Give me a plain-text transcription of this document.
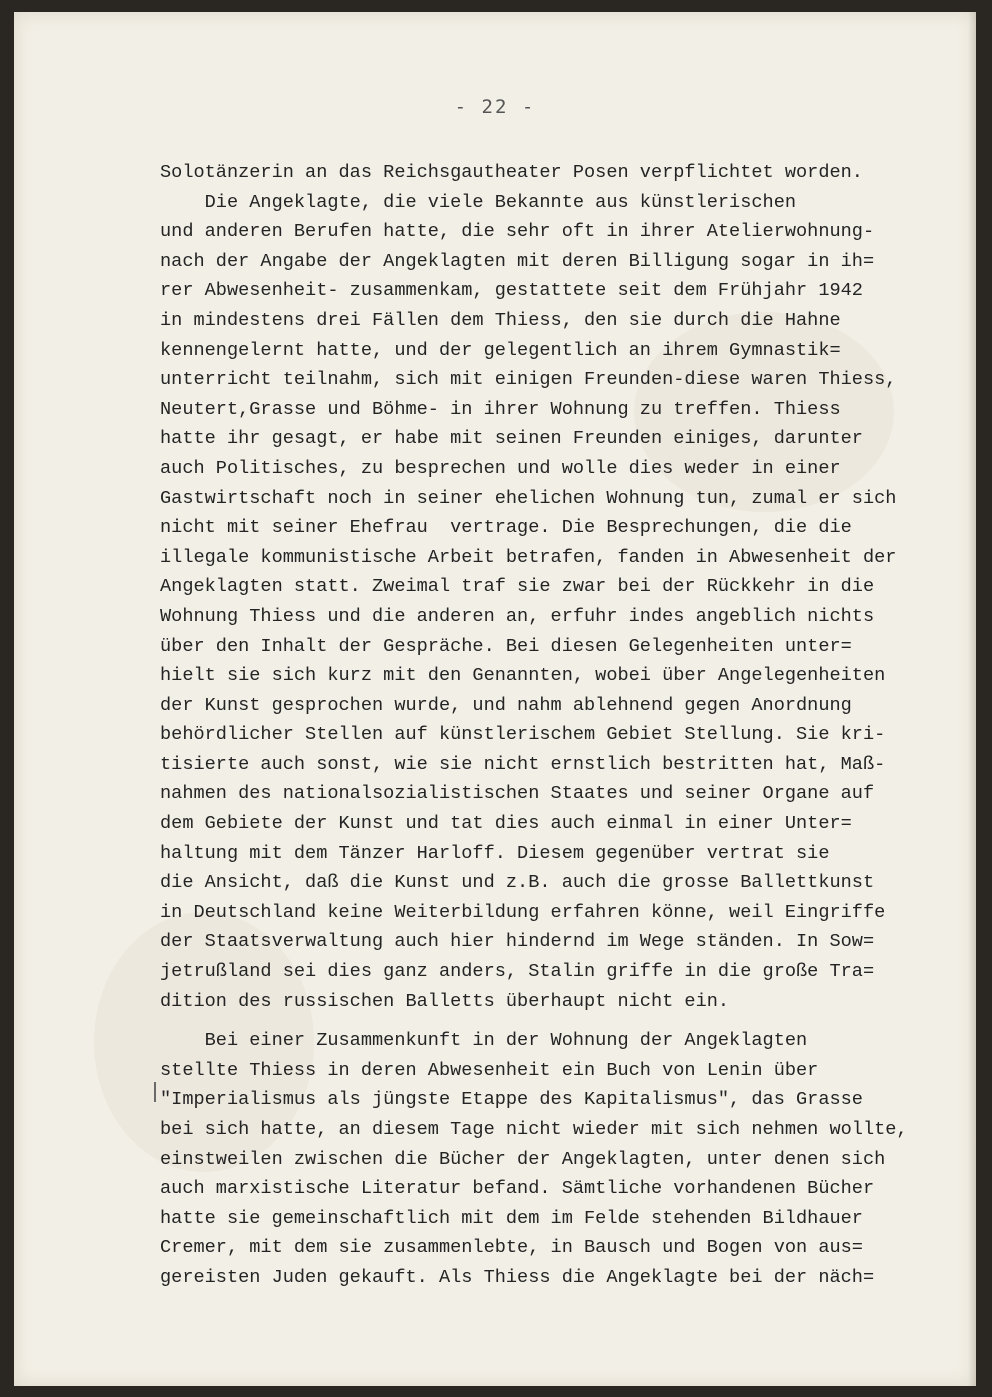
- 22 -
Solotänzerin an das Reichsgautheater Posen verpflichtet worden.
Die Angeklagte, die viele Bekannte aus künstlerischen
und anderen Berufen hatte, die sehr oft in ihrer Atelierwohnung-
nach der Angabe der Angeklagten mit deren Billigung sogar in ih=
rer Abwesenheit- zusammenkam, gestattete seit dem Frühjahr 1942
in mindestens drei Fällen dem Thiess, den sie durch die Hahne
kennengelernt hatte, und der gelegentlich an ihrem Gymnastik=
unterricht teilnahm, sich mit einigen Freunden-diese waren Thiess,
Neutert,Grasse und Böhme- in ihrer Wohnung zu treffen. Thiess
hatte ihr gesagt, er habe mit seinen Freunden einiges, darunter
auch Politisches, zu besprechen und wolle dies weder in einer
Gastwirtschaft noch in seiner ehelichen Wohnung tun, zumal er sich
nicht mit seiner Ehefrau  vertrage. Die Besprechungen, die die
illegale kommunistische Arbeit betrafen, fanden in Abwesenheit der
Angeklagten statt. Zweimal traf sie zwar bei der Rückkehr in die
Wohnung Thiess und die anderen an, erfuhr indes angeblich nichts
über den Inhalt der Gespräche. Bei diesen Gelegenheiten unter=
hielt sie sich kurz mit den Genannten, wobei über Angelegenheiten
der Kunst gesprochen wurde, und nahm ablehnend gegen Anordnung
behördlicher Stellen auf künstlerischem Gebiet Stellung. Sie kri-
tisierte auch sonst, wie sie nicht ernstlich bestritten hat, Maß-
nahmen des nationalsozialistischen Staates und seiner Organe auf
dem Gebiete der Kunst und tat dies auch einmal in einer Unter=
haltung mit dem Tänzer Harloff. Diesem gegenüber vertrat sie
die Ansicht, daß die Kunst und z.B. auch die grosse Ballettkunst
in Deutschland keine Weiterbildung erfahren könne, weil Eingriffe
der Staatsverwaltung auch hier hindernd im Wege ständen. In Sow=
jetrußland sei dies ganz anders, Stalin griffe in die große Tra=
dition des russischen Balletts überhaupt nicht ein.
Bei einer Zusammenkunft in der Wohnung der Angeklagten
stellte Thiess in deren Abwesenheit ein Buch von Lenin über
"Imperialismus als jüngste Etappe des Kapitalismus", das Grasse
bei sich hatte, an diesem Tage nicht wieder mit sich nehmen wollte,
einstweilen zwischen die Bücher der Angeklagten, unter denen sich
auch marxistische Literatur befand. Sämtliche vorhandenen Bücher
hatte sie gemeinschaftlich mit dem im Felde stehenden Bildhauer
Cremer, mit dem sie zusammenlebte, in Bausch und Bogen von aus=
gereisten Juden gekauft. Als Thiess die Angeklagte bei der näch=
